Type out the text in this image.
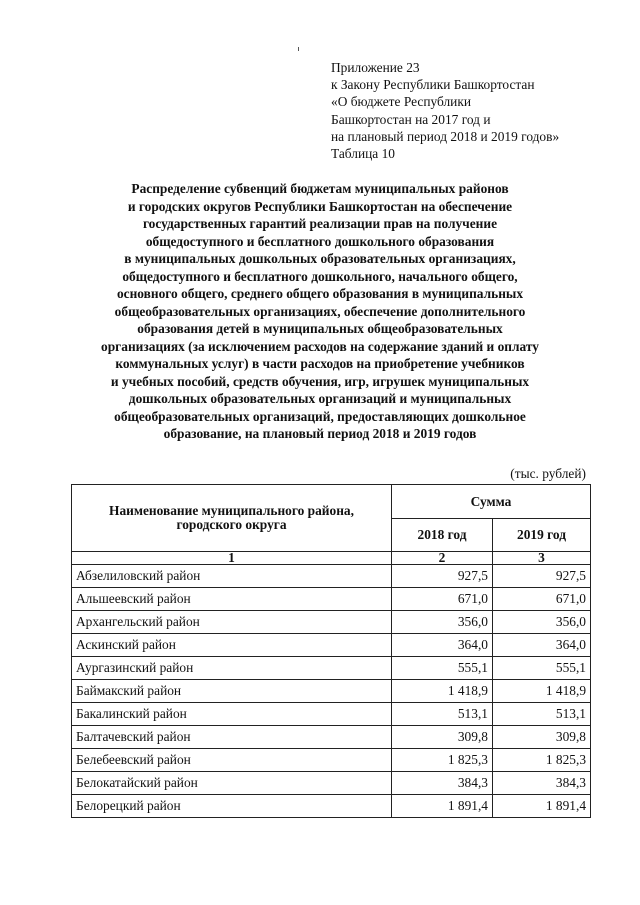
Приложение 23
к Закону Республики Башкортостан
«О бюджете Республики
Башкортостан на 2017 год и
на плановый период 2018 и 2019 годов»
Таблица 10
Распределение субвенций бюджетам муниципальных районов
и городских округов Республики Башкортостан на обеспечение
государственных гарантий реализации прав на получение
общедоступного и бесплатного дошкольного образования
в муниципальных дошкольных образовательных организациях,
общедоступного и бесплатного дошкольного, начального общего,
основного общего, среднего общего образования в муниципальных
общеобразовательных организациях, обеспечение дополнительного
образования детей в муниципальных общеобразовательных
организациях (за исключением расходов на содержание зданий и оплату
коммунальных услуг) в части расходов на приобретение учебников
и учебных пособий, средств обучения, игр, игрушек муниципальных
дошкольных образовательных организаций и муниципальных
общеобразовательных организаций, предоставляющих дошкольное
образование, на плановый период 2018 и 2019 годов
(тыс. рублей)
Наименование муниципального района,
городского округа	Сумма	
	2018 год	2019 год
1	2	3
Абзелиловский район	927,5	927,5
Альшеевский район	671,0	671,0
Архангельский район	356,0	356,0
Аскинский район	364,0	364,0
Аургазинский район	555,1	555,1
Баймакский район	1 418,9	1 418,9
Бакалинский район	513,1	513,1
Балтачевский район	309,8	309,8
Белебеевский район	1 825,3	1 825,3
Белокатайский район	384,3	384,3
Белорецкий район	1 891,4	1 891,4
